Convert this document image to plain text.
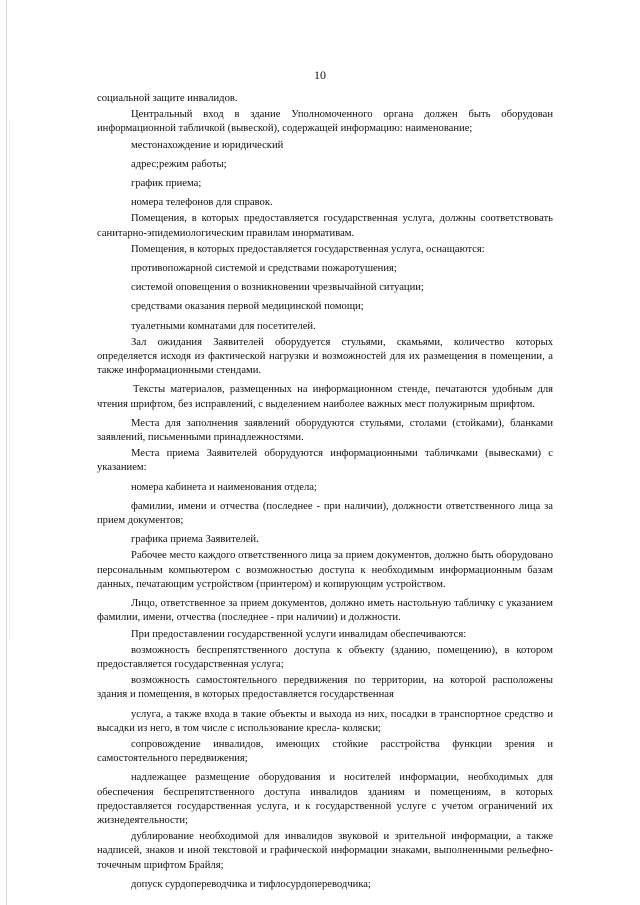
10

социальной защите инвалидов.

Центральный вход в здание Уполномоченного органа должен быть оборудован информационной табличкой (вывеской), содержащей информацию: наименование;

местонахождение и юридический

адрес;режим работы;

график приема;

номера телефонов для справок.

Помещения, в которых предоставляется государственная услуга, должны соответствовать санитарно-эпидемиологическим правилам инормативам.

Помещения, в которых предоставляется государственная услуга, оснащаются:

противопожарной системой и средствами пожаротушения;

системой оповещения о возникновении чрезвычайной ситуации;

средствами оказания первой медицинской помощи;

туалетными комнатами для посетителей.

Зал ожидания Заявителей оборудуется стульями, скамьями, количество которых определяется исходя из фактической нагрузки и возможностей для их размещения в помещении, а также информационными стендами.

Тексты материалов, размещенных на информационном стенде, печатаются удобным для чтения шрифтом, без исправлений, с выделением наиболее важных мест полужирным шрифтом.

Места для заполнения заявлений оборудуются стульями, столами (стойками), бланками заявлений, письменными принадлежностями.

Места приема Заявителей оборудуются информационными табличками (вывесками) с указанием:

номера кабинета и наименования отдела;

фамилии, имени и отчества (последнее - при наличии), должности ответственного лица за прием документов;

графика приема Заявителей.

Рабочее место каждого ответственного лица за прием документов, должно быть оборудовано персональным компьютером с возможностью доступа к необходимым информационным базам данных, печатающим устройством (принтером) и копирующим устройством.

Лицо, ответственное за прием документов, должно иметь настольную табличку с указанием фамилии, имени, отчества (последнее - при наличии) и должности.

При предоставлении государственной услуги инвалидам обеспечиваются:

возможность беспрепятственного доступа к объекту (зданию, помещению), в котором предоставляется государственная услуга;

возможность самостоятельного передвижения по территории, на которой расположены здания и помещения, в которых предоставляется государственная

услуга, а также входа в такие объекты и выхода из них, посадки в транспортное средство и высадки из него, в том числе с использование кресла- коляски;

сопровождение инвалидов, имеющих стойкие расстройства функции зрения и самостоятельного передвижения;

надлежащее размещение оборудования и носителей информации, необходимых для обеспечения беспрепятственного доступа инвалидов зданиям и помещениям, в которых предоставляется государственная услуга, и к государственной услуге с учетом ограничений их жизнедеятельности;

дублирование необходимой для инвалидов звуковой и зрительной информации, а также надписей, знаков и иной текстовой и графической информации знаками, выполненными рельефно-точечным шрифтом Брайля;

допуск сурдопереводчика и тифлосурдопереводчика;
